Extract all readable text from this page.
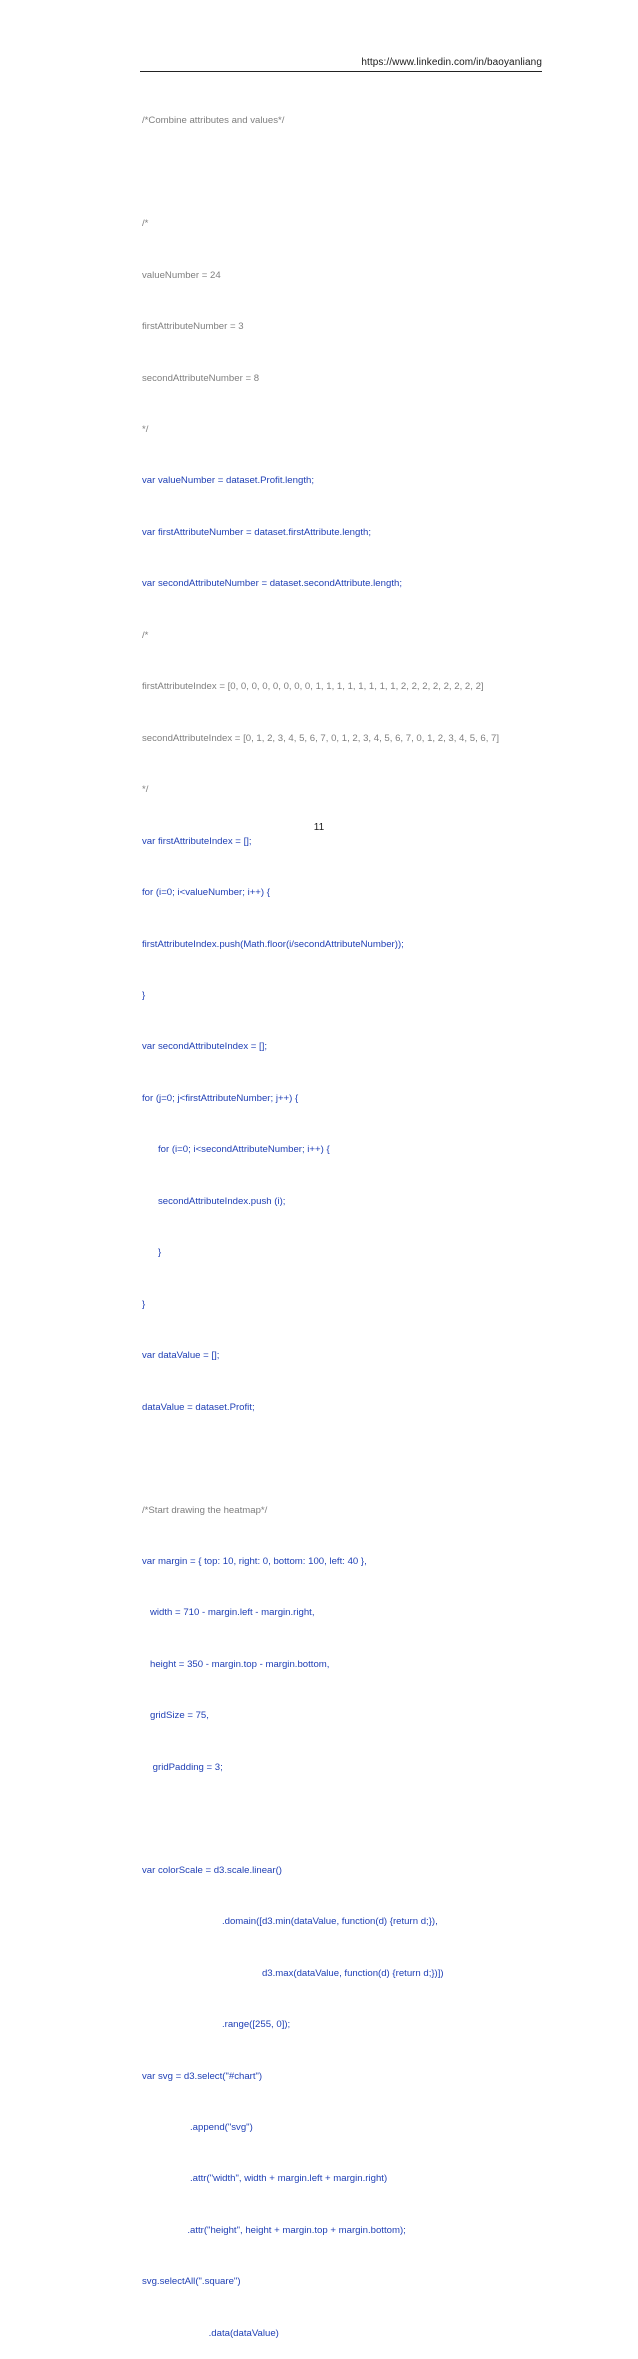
https://www.linkedin.com/in/baoyanliang

/*Combine attributes and values*/

/*

valueNumber = 24

firstAttributeNumber = 3

secondAttributeNumber = 8

*/

var valueNumber = dataset.Profit.length;

var firstAttributeNumber = dataset.firstAttribute.length;

var secondAttributeNumber = dataset.secondAttribute.length;

/*

firstAttributeIndex = [0, 0, 0, 0, 0, 0, 0, 0, 1, 1, 1, 1, 1, 1, 1, 1, 2, 2, 2, 2, 2, 2, 2, 2]

secondAttributeIndex = [0, 1, 2, 3, 4, 5, 6, 7, 0, 1, 2, 3, 4, 5, 6, 7, 0, 1, 2, 3, 4, 5, 6, 7]

*/

var firstAttributeIndex = [];

for (i=0; i<valueNumber; i++) {

firstAttributeIndex.push(Math.floor(i/secondAttributeNumber));

}

var secondAttributeIndex = [];

for (j=0; j<firstAttributeNumber; j++) {

for (i=0; i<secondAttributeNumber; i++) {

secondAttributeIndex.push (i);

}

}

var dataValue = [];

dataValue = dataset.Profit;

/*Start drawing the heatmap*/

var margin = { top: 10, right: 0, bottom: 100, left: 40 },

width = 710 - margin.left - margin.right,

height = 350 - margin.top - margin.bottom,

gridSize = 75,

gridPadding = 3;

var colorScale = d3.scale.linear()

.domain([d3.min(dataValue, function(d) {return d;}),

d3.max(dataValue, function(d) {return d;})])

.range([255, 0]);

var svg = d3.select("#chart")

.append("svg")

.attr("width", width + margin.left + margin.right)

.attr("height", height + margin.top + margin.bottom);

svg.selectAll(".square")

.data(dataValue)

11
